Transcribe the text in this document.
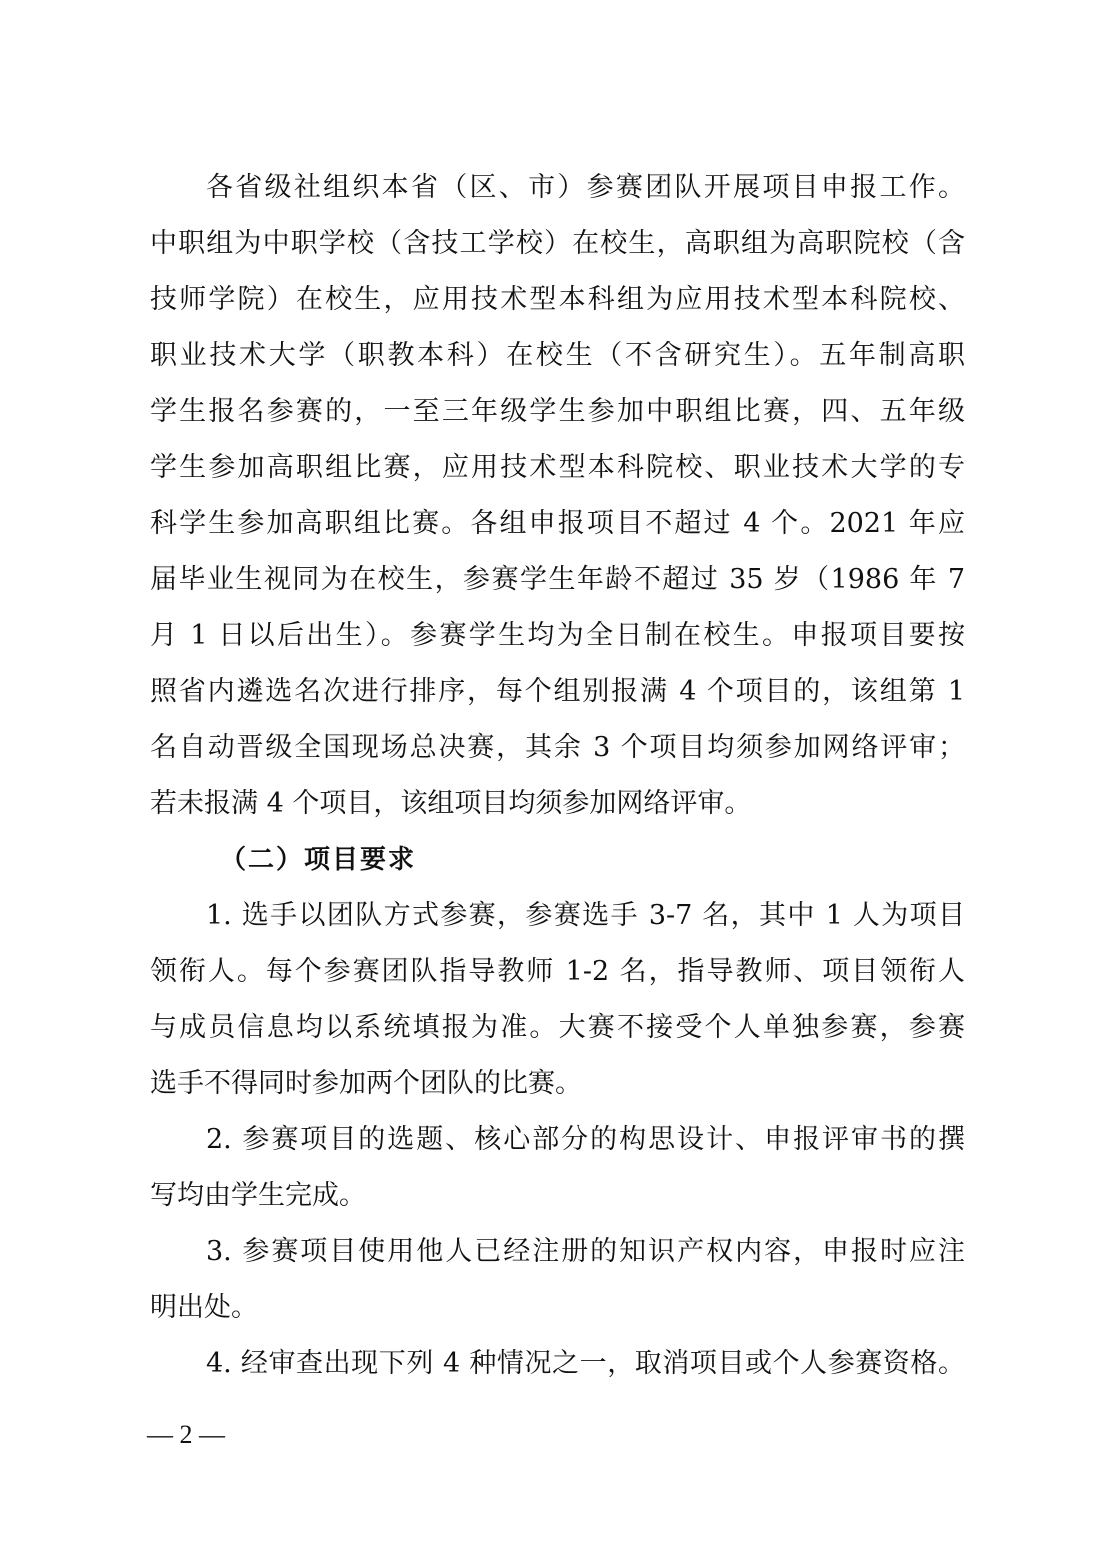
各省级社组织本省（区、市）参赛团队开展项目申报工作。
中职组为中职学校（含技工学校）在校生，高职组为高职院校（含
技师学院）在校生，应用技术型本科组为应用技术型本科院校、
职业技术大学（职教本科）在校生（不含研究生）。五年制高职
学生报名参赛的，一至三年级学生参加中职组比赛，四、五年级
学生参加高职组比赛，应用技术型本科院校、职业技术大学的专
科学生参加高职组比赛。各组申报项目不超过 4 个。2021 年应
届毕业生视同为在校生，参赛学生年龄不超过 35 岁（1986 年 7
月 1 日以后出生）。参赛学生均为全日制在校生。申报项目要按
照省内遴选名次进行排序，每个组别报满 4 个项目的，该组第 1
名自动晋级全国现场总决赛，其余 3 个项目均须参加网络评审；
若未报满 4 个项目，该组项目均须参加网络评审。
（二）项目要求
1. 选手以团队方式参赛，参赛选手 3-7 名，其中 1 人为项目
领衔人。每个参赛团队指导教师 1-2 名，指导教师、项目领衔人
与成员信息均以系统填报为准。大赛不接受个人单独参赛，参赛
选手不得同时参加两个团队的比赛。
2. 参赛项目的选题、核心部分的构思设计、申报评审书的撰
写均由学生完成。
3. 参赛项目使用他人已经注册的知识产权内容，申报时应注
明出处。
4. 经审查出现下列 4 种情况之一，取消项目或个人参赛资格。
— 2 —
